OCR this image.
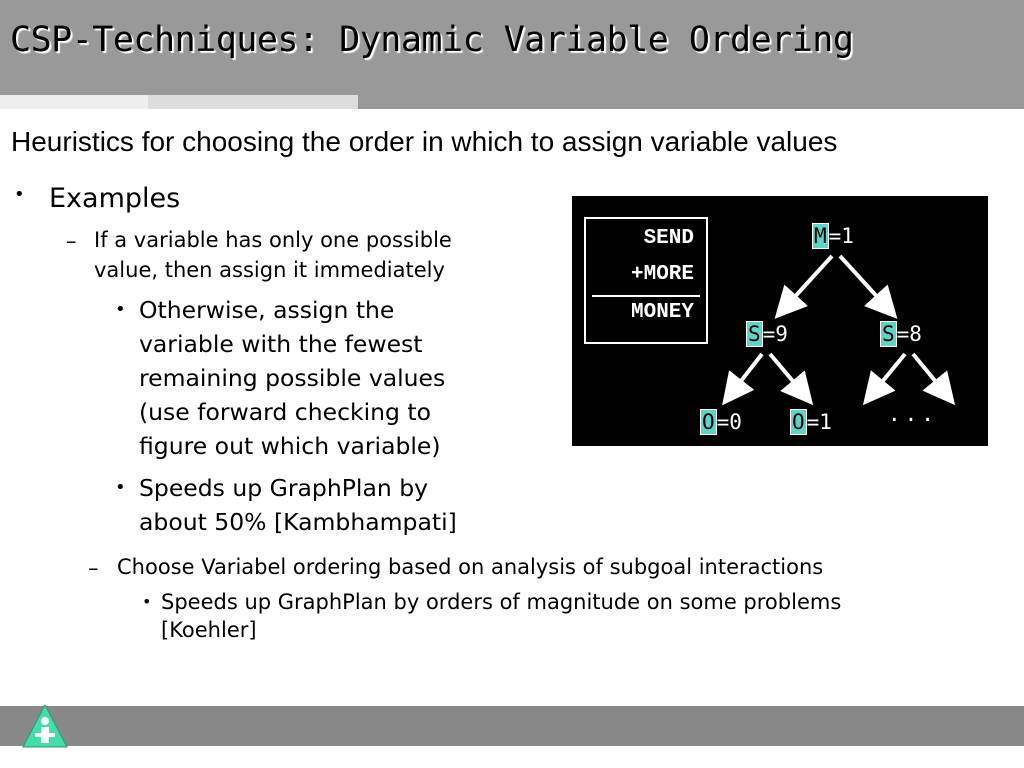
CSP-Techniques: Dynamic Variable Ordering
Heuristics for choosing the order in which to assign variable values
• Examples
– If a variable has only one possible
value, then assign it immediately
• Otherwise, assign the
variable with the fewest
remaining possible values
(use forward checking to
figure out which variable)
• Speeds up GraphPlan by
about 50% [Kambhampati]
– Choose Variabel ordering based on analysis of subgoal interactions
• Speeds up GraphPlan by orders of magnitude on some problems
[Koehler]
SEND
+MORE
MONEY
M=1
S=9	S=8
O=0 O=1	...
